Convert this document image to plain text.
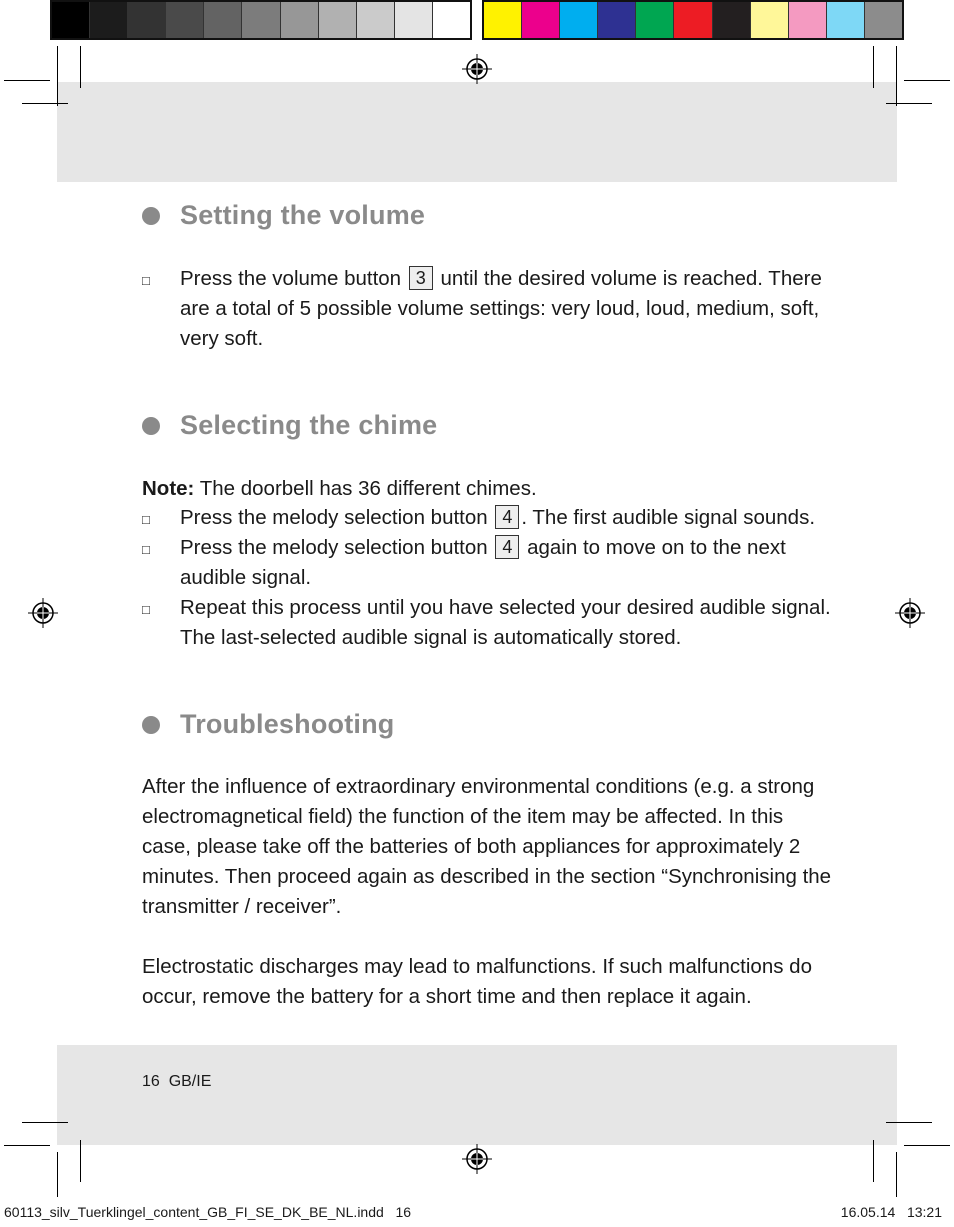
Setting the volume
□	Press the volume button 3 until the desired volume is reached. There are a total of 5 possible volume settings: very loud, loud, medium, soft, very soft.
Selecting the chime
Note: The doorbell has 36 different chimes.
□	Press the melody selection button 4 . The first audible signal sounds.
□	Press the melody selection button 4 again to move on to the next audible signal.
□	Repeat this process until you have selected your desired audible signal. The last-selected audible signal is automatically stored.
Troubleshooting
After the influence of extraordinary environmental conditions (e.g. a strong electromagnetical field) the function of the item may be affected. In this case, please take off the batteries of both appliances for approximately 2 minutes. Then proceed again as described in the section “Synchronising the transmitter / receiver”.
Electrostatic discharges may lead to malfunctions. If such malfunctions do occur, remove the battery for a short time and then replace it again.
16 GB/IE
60113_silv_Tuerklingel_content_GB_FI_SE_DK_BE_NL.indd 16	16.05.14 13:21
